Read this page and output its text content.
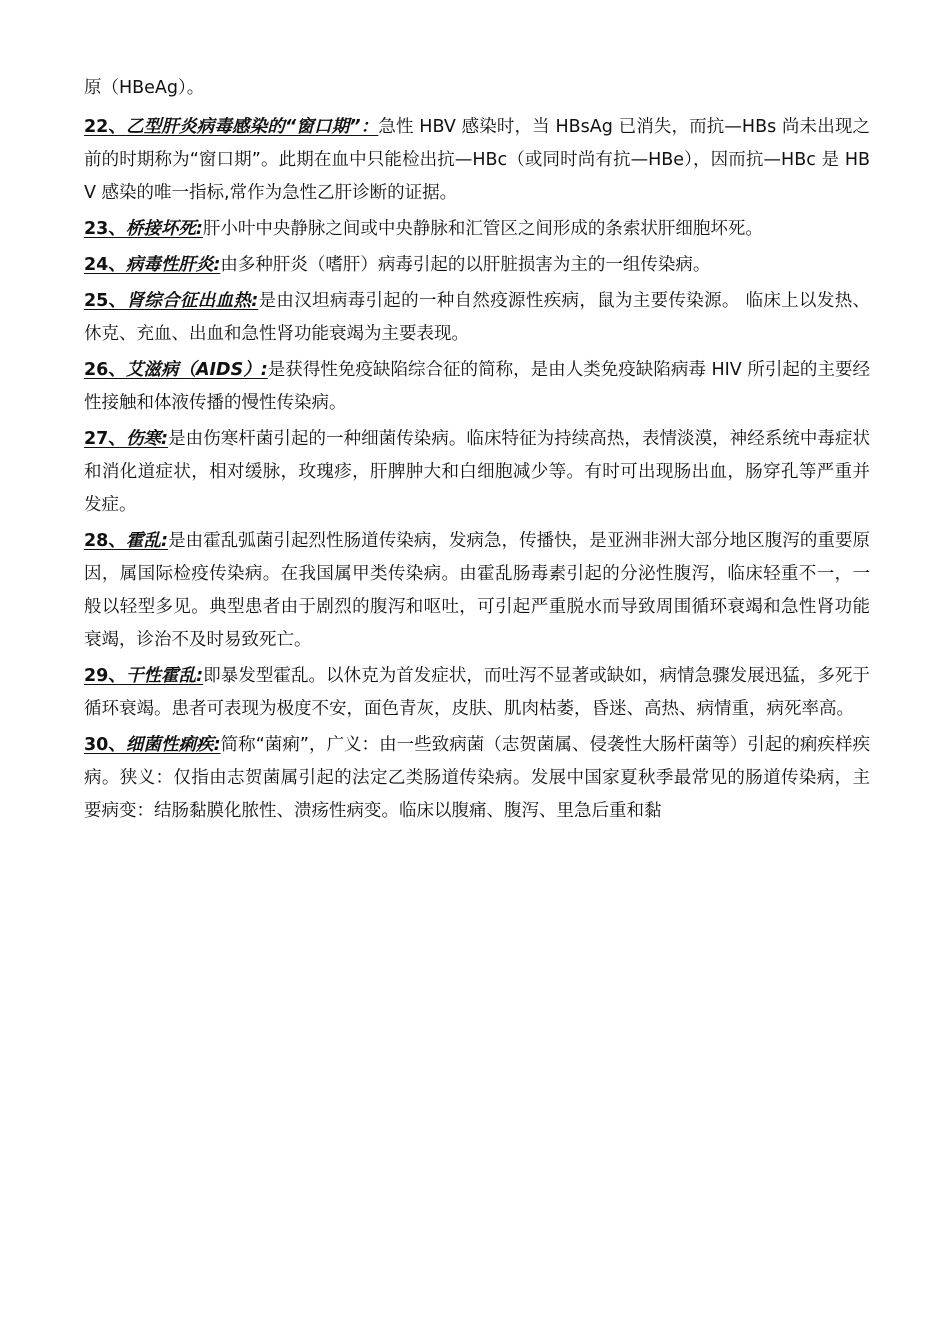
原（HBeAg）。

22、乙型肝炎病毒感染的“窗口期”：急性 HBV 感染时，当 HBsAg 已消失，而抗—HBs 尚未出现之前的时期称为“窗口期”。此期在血中只能检出抗—HBc（或同时尚有抗—HBe），因而抗—HBc 是 HBV 感染的唯一指标,常作为急性乙肝诊断的证据。

23、桥接坏死:肝小叶中央静脉之间或中央静脉和汇管区之间形成的条索状肝细胞坏死。

24、病毒性肝炎:由多种肝炎（嗜肝）病毒引起的以肝脏损害为主的一组传染病。

25、肾综合征出血热:是由汉坦病毒引起的一种自然疫源性疾病，鼠为主要传染源。 临床上以发热、休克、充血、出血和急性肾功能衰竭为主要表现。

26、艾滋病（AIDS）:是获得性免疫缺陷综合征的简称，是由人类免疫缺陷病毒 HIV 所引起的主要经性接触和体液传播的慢性传染病。

27、伤寒:是由伤寒杆菌引起的一种细菌传染病。临床特征为持续高热，表情淡漠，神经系统中毒症状和消化道症状，相对缓脉，玫瑰疹，肝脾肿大和白细胞减少等。有时可出现肠出血，肠穿孔等严重并发症。

28、霍乱:是由霍乱弧菌引起烈性肠道传染病，发病急，传播快，是亚洲非洲大部分地区腹泻的重要原因，属国际检疫传染病。在我国属甲类传染病。由霍乱肠毒素引起的分泌性腹泻，临床轻重不一，一般以轻型多见。典型患者由于剧烈的腹泻和呕吐，可引起严重脱水而导致周围循环衰竭和急性肾功能衰竭，诊治不及时易致死亡。

29、干性霍乱:即暴发型霍乱。以休克为首发症状，而吐泻不显著或缺如，病情急骤发展迅猛，多死于循环衰竭。患者可表现为极度不安，面色青灰，皮肤、肌肉枯萎，昏迷、高热、病情重，病死率高。

30、细菌性痢疾:简称“菌痢”，广义：由一些致病菌（志贺菌属、侵袭性大肠杆菌等）引起的痢疾样疾病。狭义：仅指由志贺菌属引起的法定乙类肠道传染病。发展中国家夏秋季最常见的肠道传染病，主要病变：结肠黏膜化脓性、溃疡性病变。临床以腹痛、腹泻、里急后重和黏
